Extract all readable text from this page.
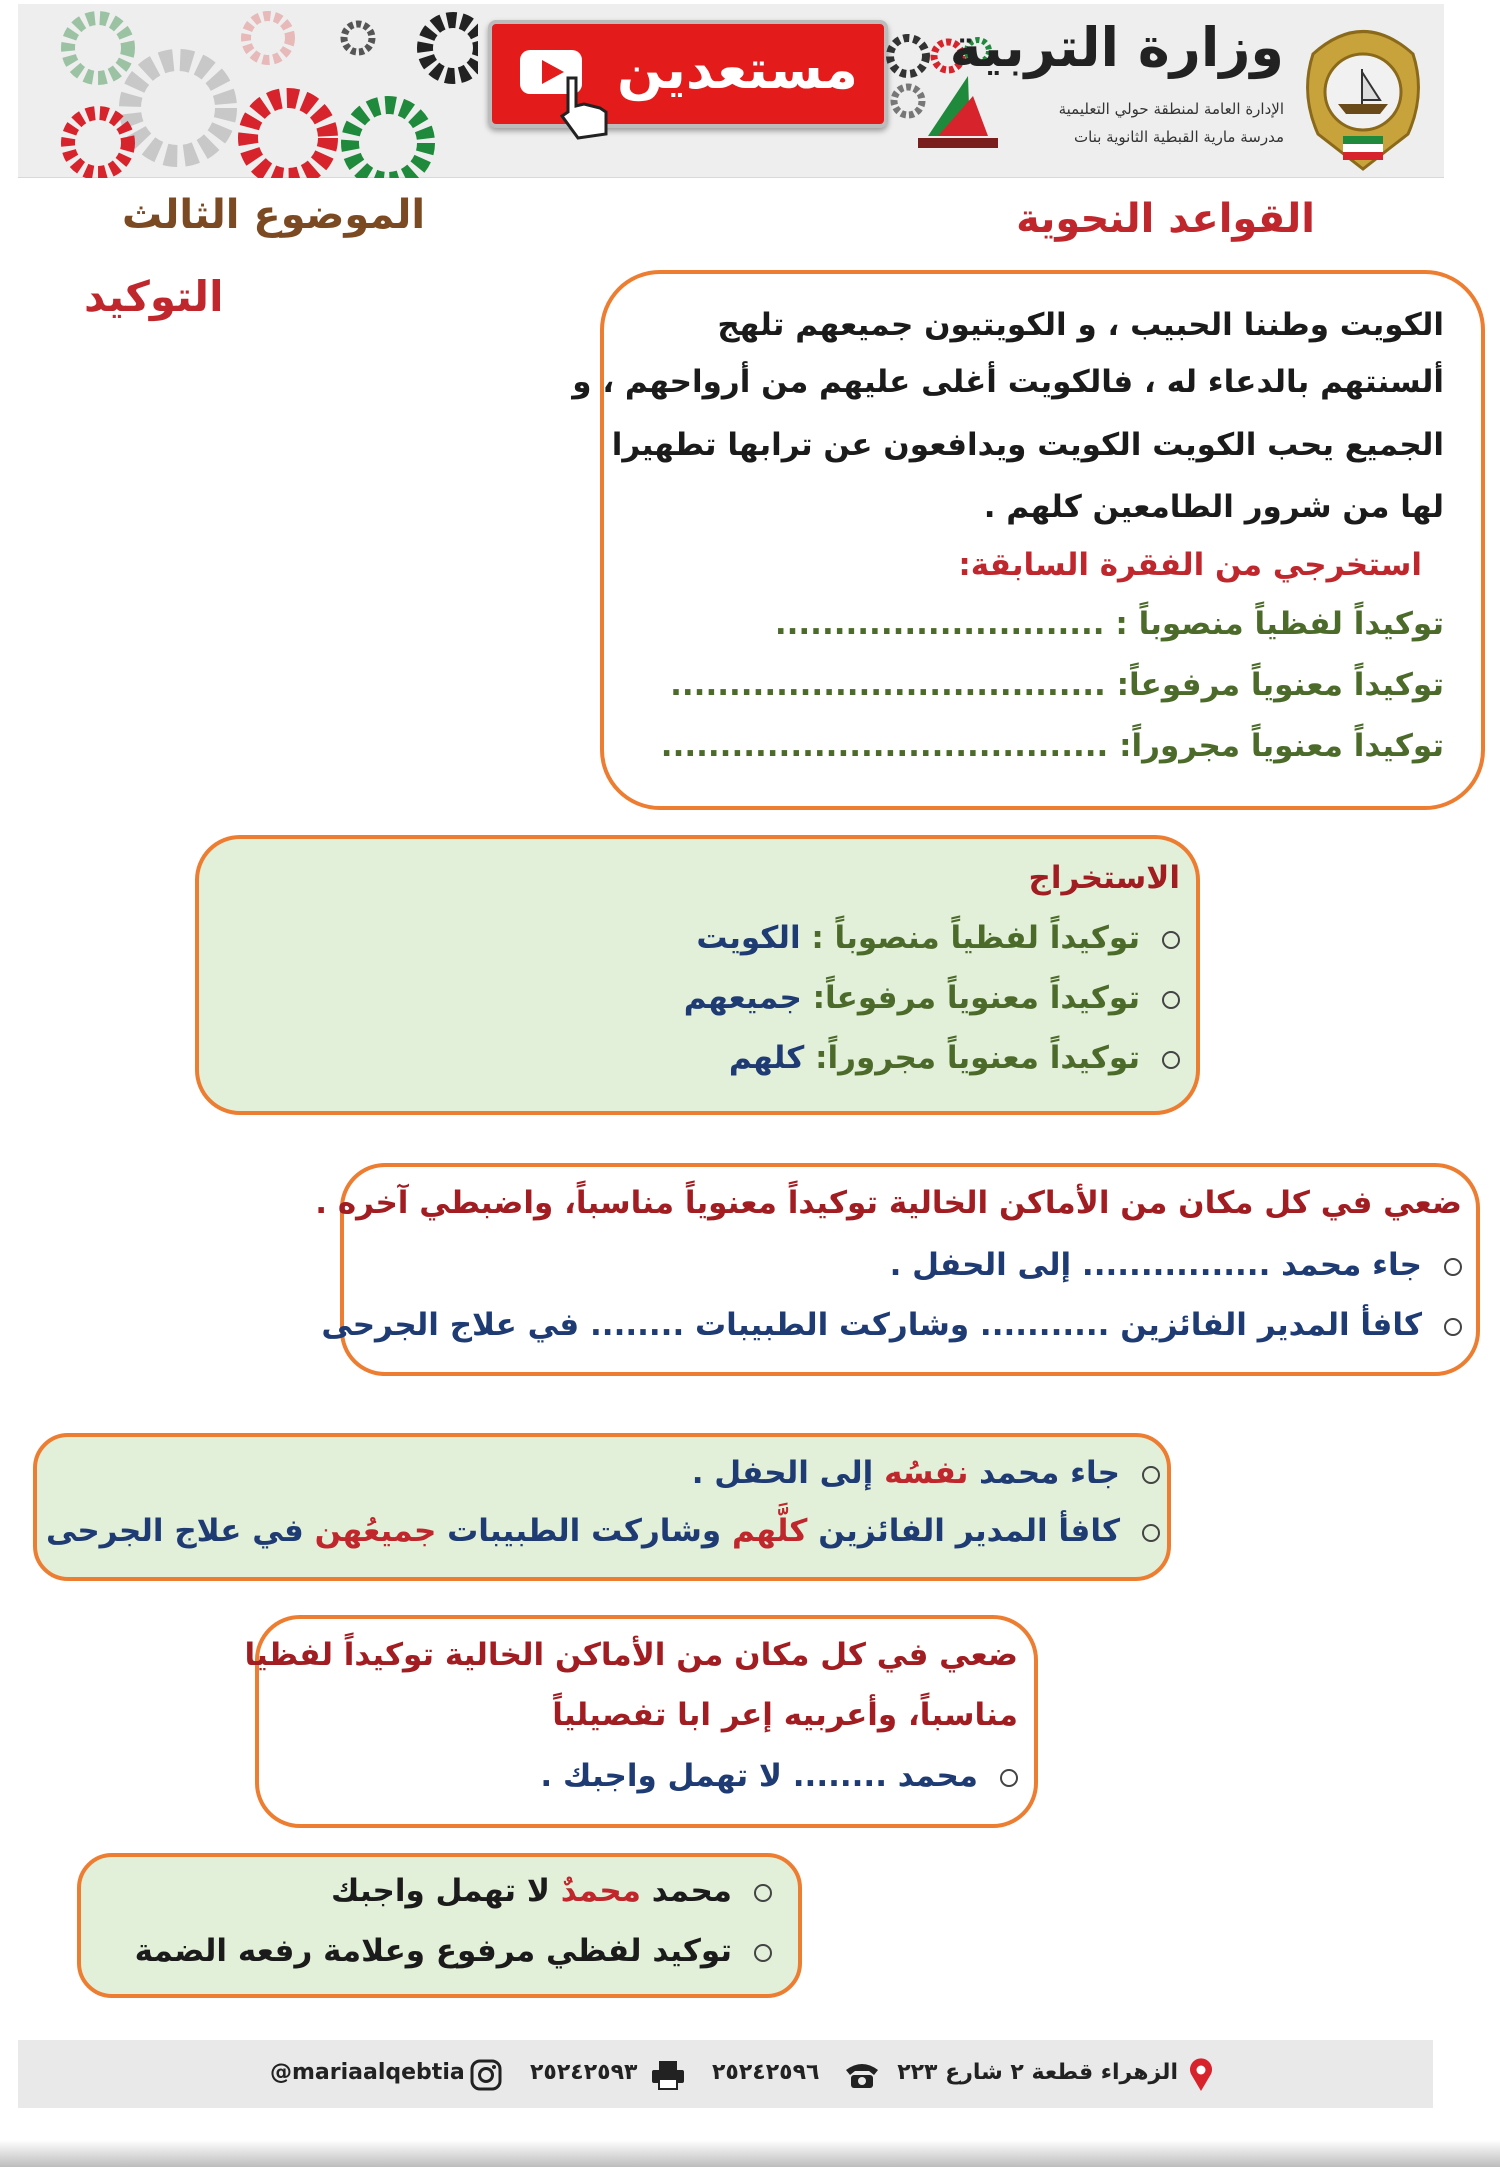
مستعدين وزارة التربية
الإدارة العامة لمنطقة حولي التعليمية
مدرسة مارية القبطية الثانوية بنات
القواعد النحوية
الموضوع الثالث
التوكيد
الكويت وطننا الحبيب ، و الكويتيون جميعهم تلهج
ألسنتهم بالدعاء له ، فالكويت أغلى عليهم من أرواحهم ، و
الجميع يحب الكويت الكويت ويدافعون عن ترابها تطهيرا
لها من شرور الطامعين كلهم .
استخرجي من الفقرة السابقة:
توكيداً لفظياً منصوباً : ............................
توكيداً معنوياً مرفوعاً: .....................................
توكيداً معنوياً مجروراً: ......................................
الاستخراج
توكيداً لفظياً منصوباً : الكويت
توكيداً معنوياً مرفوعاً: جميعهم
توكيداً معنوياً مجروراً: كلهم
ضعي في كل مكان من الأماكن الخالية توكيداً معنوياً مناسباً، واضبطي آخره .
جاء محمد ................ إلى الحفل .
كافأ المدير الفائزين ........... وشاركت الطبيبات ........ في علاج الجرحى
جاء محمد نفسُه إلى الحفل .
كافأ المدير الفائزين كلَّهم وشاركت الطبيبات جميعُهن في علاج الجرحى
ضعي في كل مكان من الأماكن الخالية توكيداً لفظيا
مناسباً، وأعربيه إعر ابا تفصيلياً
محمد ........ لا تهمل واجبك .
محمد محمدٌ لا تهمل واجبك
توكيد لفظي مرفوع وعلامة رفعه الضمة
الزهراء قطعة ٢ شارع ٢٢٣
٢٥٢٤٢٥٩٦
٢٥٢٤٢٥٩٣
@mariaalqebtia
